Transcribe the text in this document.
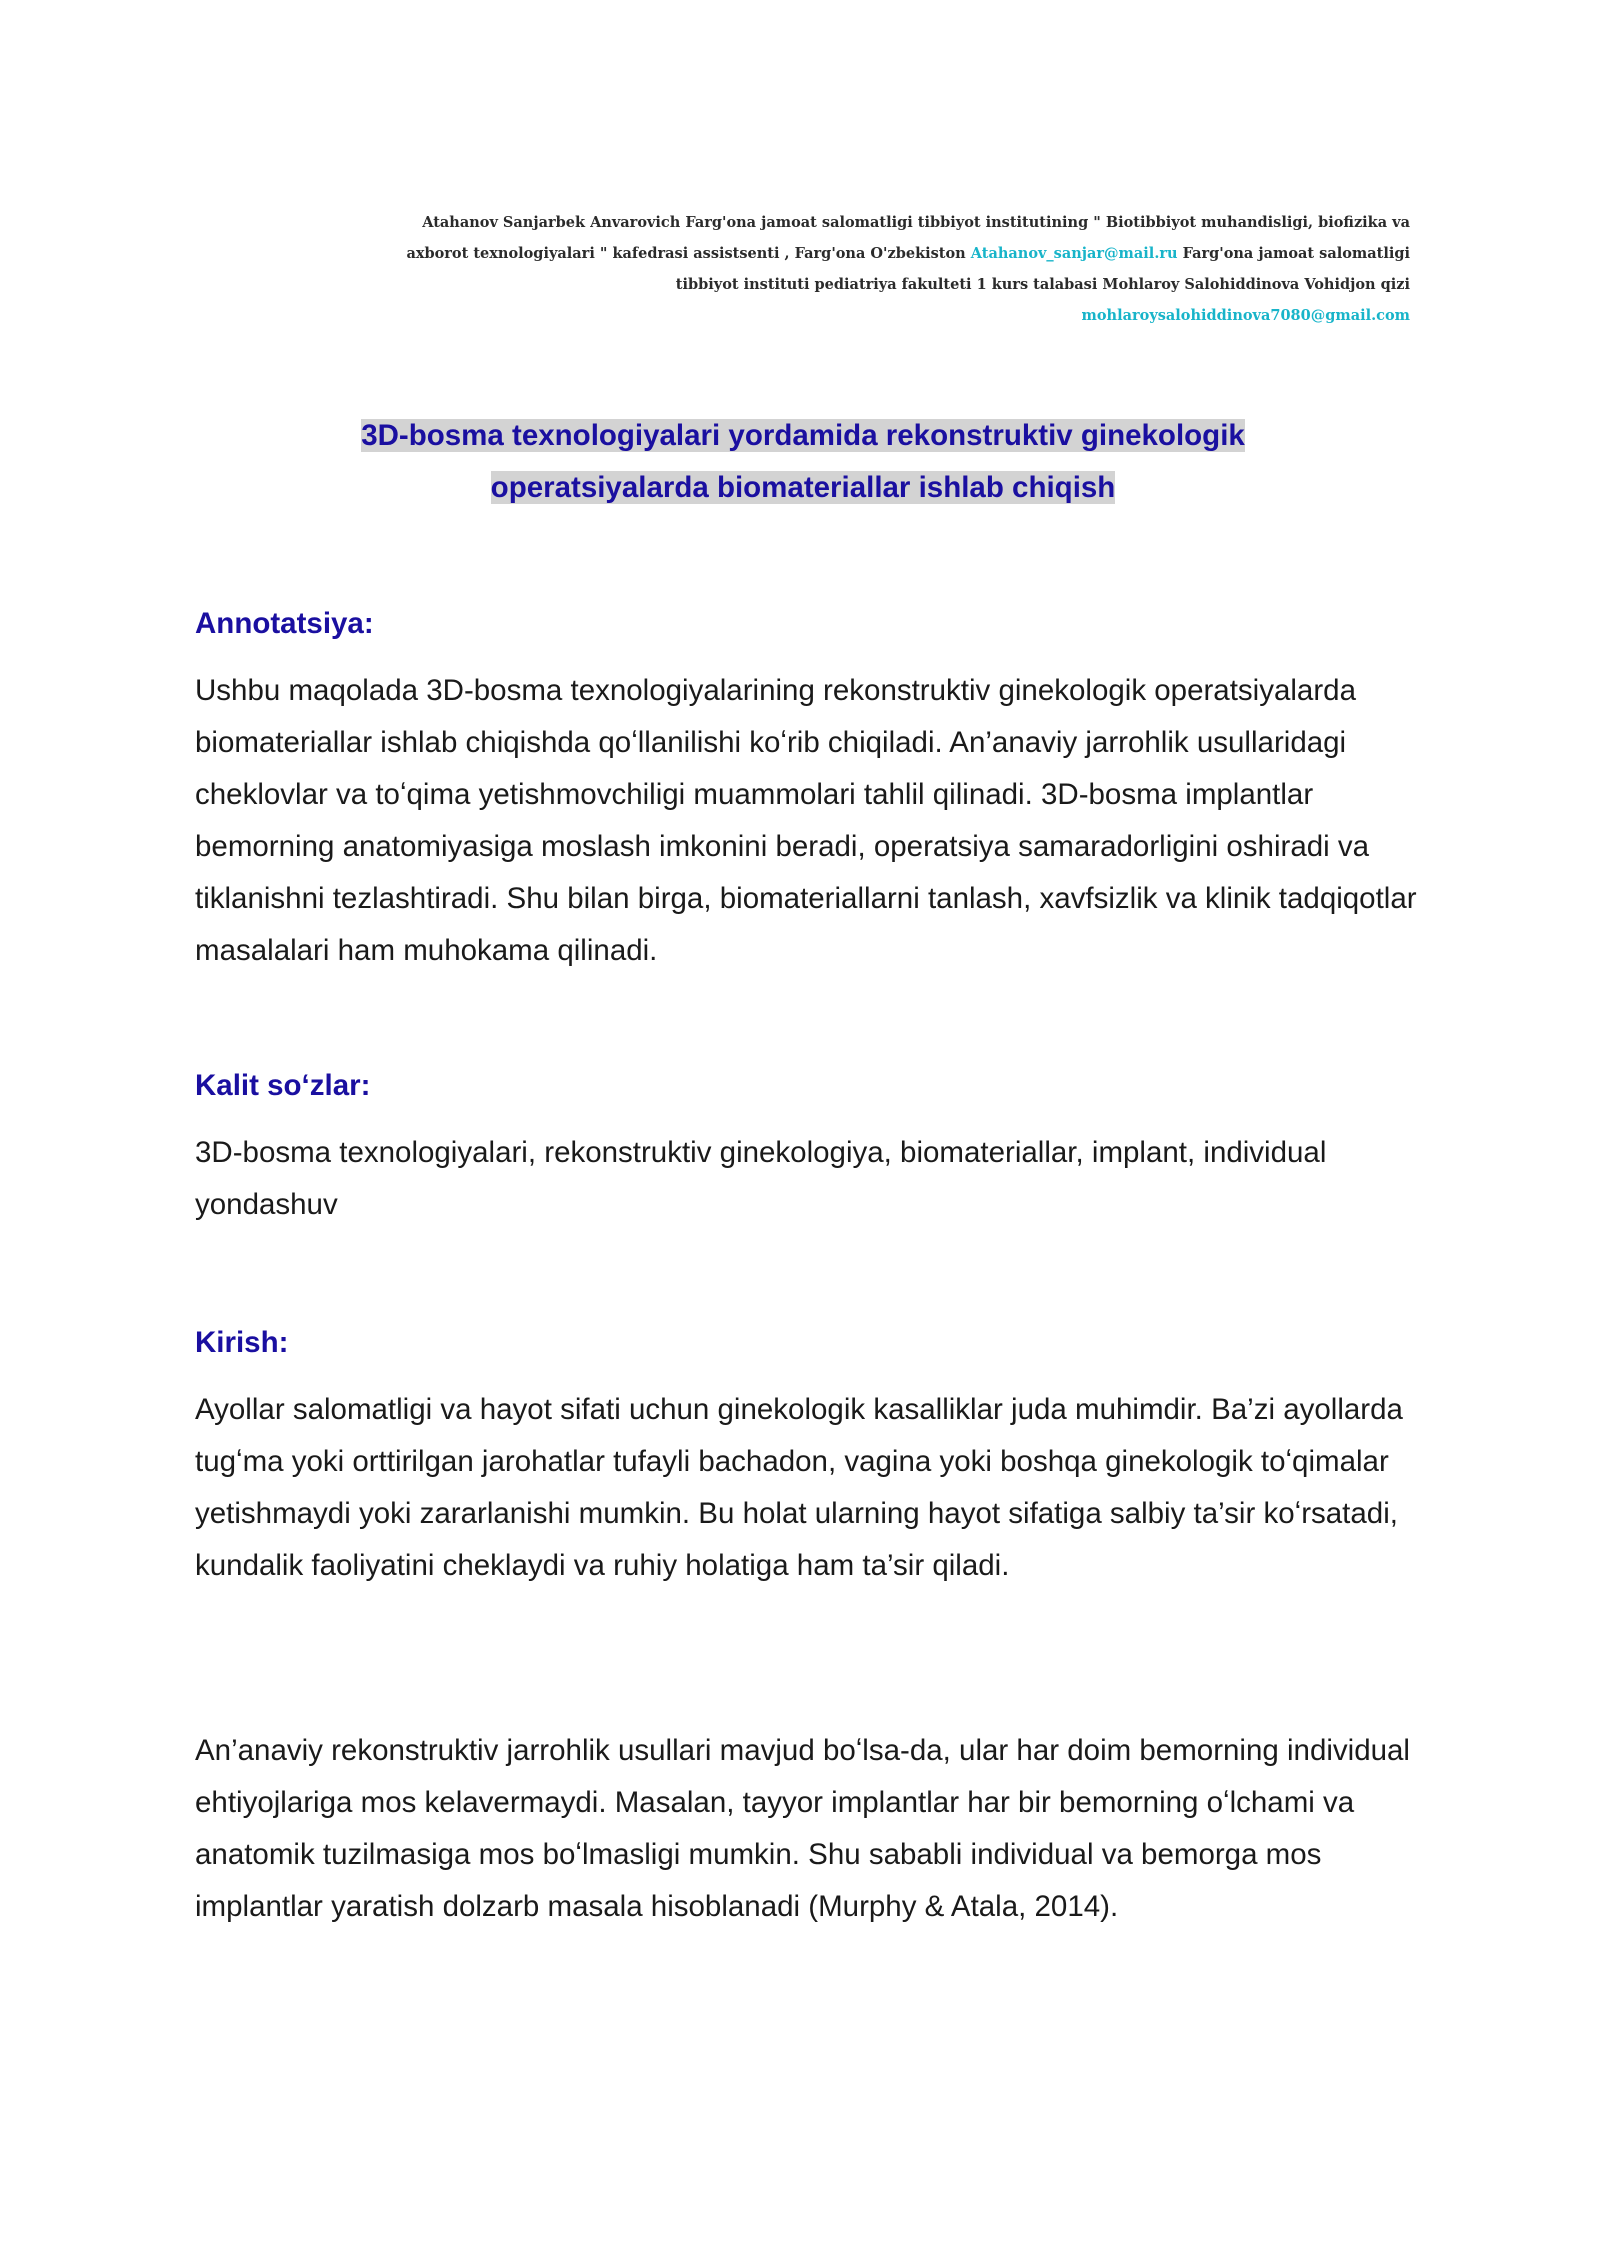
Atahanov Sanjarbek Anvarovich Farg'ona jamoat salomatligi tibbiyot institutining " Biotibbiyot muhandisligi, biofizika va
axborot texnologiyalari " kafedrasi assistsenti , Farg'ona O'zbekiston Atahanov_sanjar@mail.ru Farg'ona jamoat salomatligi
tibbiyot instituti pediatriya fakulteti 1 kurs talabasi Mohlaroy Salohiddinova Vohidjon qizi
mohlaroysalohiddinova7080@gmail.com
3D-bosma texnologiyalari yordamida rekonstruktiv ginekologik
operatsiyalarda biomateriallar ishlab chiqish
Annotatsiya:
Ushbu maqolada 3D-bosma texnologiyalarining rekonstruktiv ginekologik operatsiyalarda biomateriallar ishlab chiqishda qoʻllanilishi koʻrib chiqiladi. An’anaviy jarrohlik usullaridagi cheklovlar va toʻqima yetishmovchiligi muammolari tahlil qilinadi. 3D-bosma implantlar bemorning anatomiyasiga moslash imkonini beradi, operatsiya samaradorligini oshiradi va tiklanishni tezlashtiradi. Shu bilan birga, biomateriallarni tanlash, xavfsizlik va klinik tadqiqotlar masalalari ham muhokama qilinadi.
Kalit soʻzlar:
3D-bosma texnologiyalari, rekonstruktiv ginekologiya, biomateriallar, implant, individual yondashuv
Kirish:
Ayollar salomatligi va hayot sifati uchun ginekologik kasalliklar juda muhimdir. Ba’zi ayollarda tugʻma yoki orttirilgan jarohatlar tufayli bachadon, vagina yoki boshqa ginekologik toʻqimalar yetishmaydi yoki zararlanishi mumkin. Bu holat ularning hayot sifatiga salbiy ta’sir koʻrsatadi, kundalik faoliyatini cheklaydi va ruhiy holatiga ham ta’sir qiladi.
An’anaviy rekonstruktiv jarrohlik usullari mavjud boʻlsa-da, ular har doim bemorning individual ehtiyojlariga mos kelavermaydi. Masalan, tayyor implantlar har bir bemorning oʻlchami va anatomik tuzilmasiga mos boʻlmasligi mumkin. Shu sababli individual va bemorga mos implantlar yaratish dolzarb masala hisoblanadi (Murphy & Atala, 2014).
